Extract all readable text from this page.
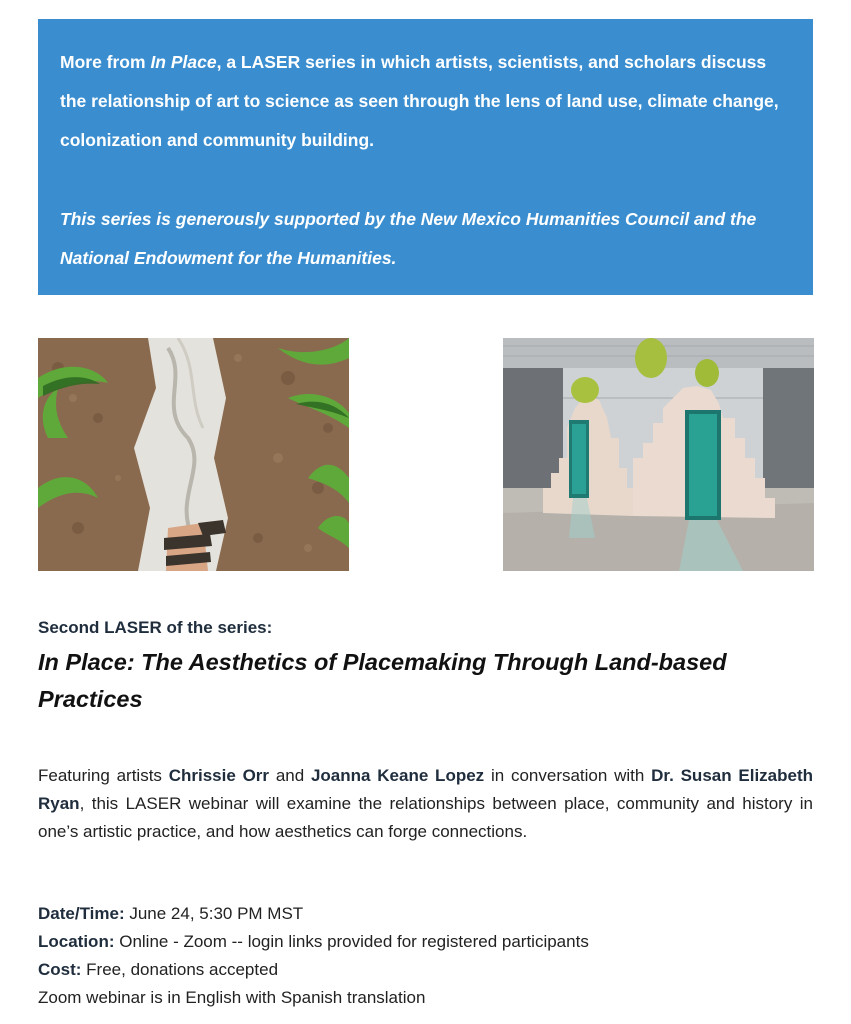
More from In Place, a LASER series in which artists, scientists, and scholars discuss the relationship of art to science as seen through the lens of land use, climate change, colonization and community building.

This series is generously supported by the New Mexico Humanities Council and the National Endowment for the Humanities.

Second LASER of the series:

In Place: The Aesthetics of Placemaking Through Land-based Practices

Featuring artists Chrissie Orr and Joanna Keane Lopez in conversation with Dr. Susan Elizabeth Ryan, this LASER webinar will examine the relationships between place, community and history in one’s artistic practice, and how aesthetics can forge connections.

Date/Time: June 24, 5:30 PM MST
Location: Online - Zoom -- login links provided for registered participants
Cost: Free, donations accepted
Zoom webinar is in English with Spanish translation
